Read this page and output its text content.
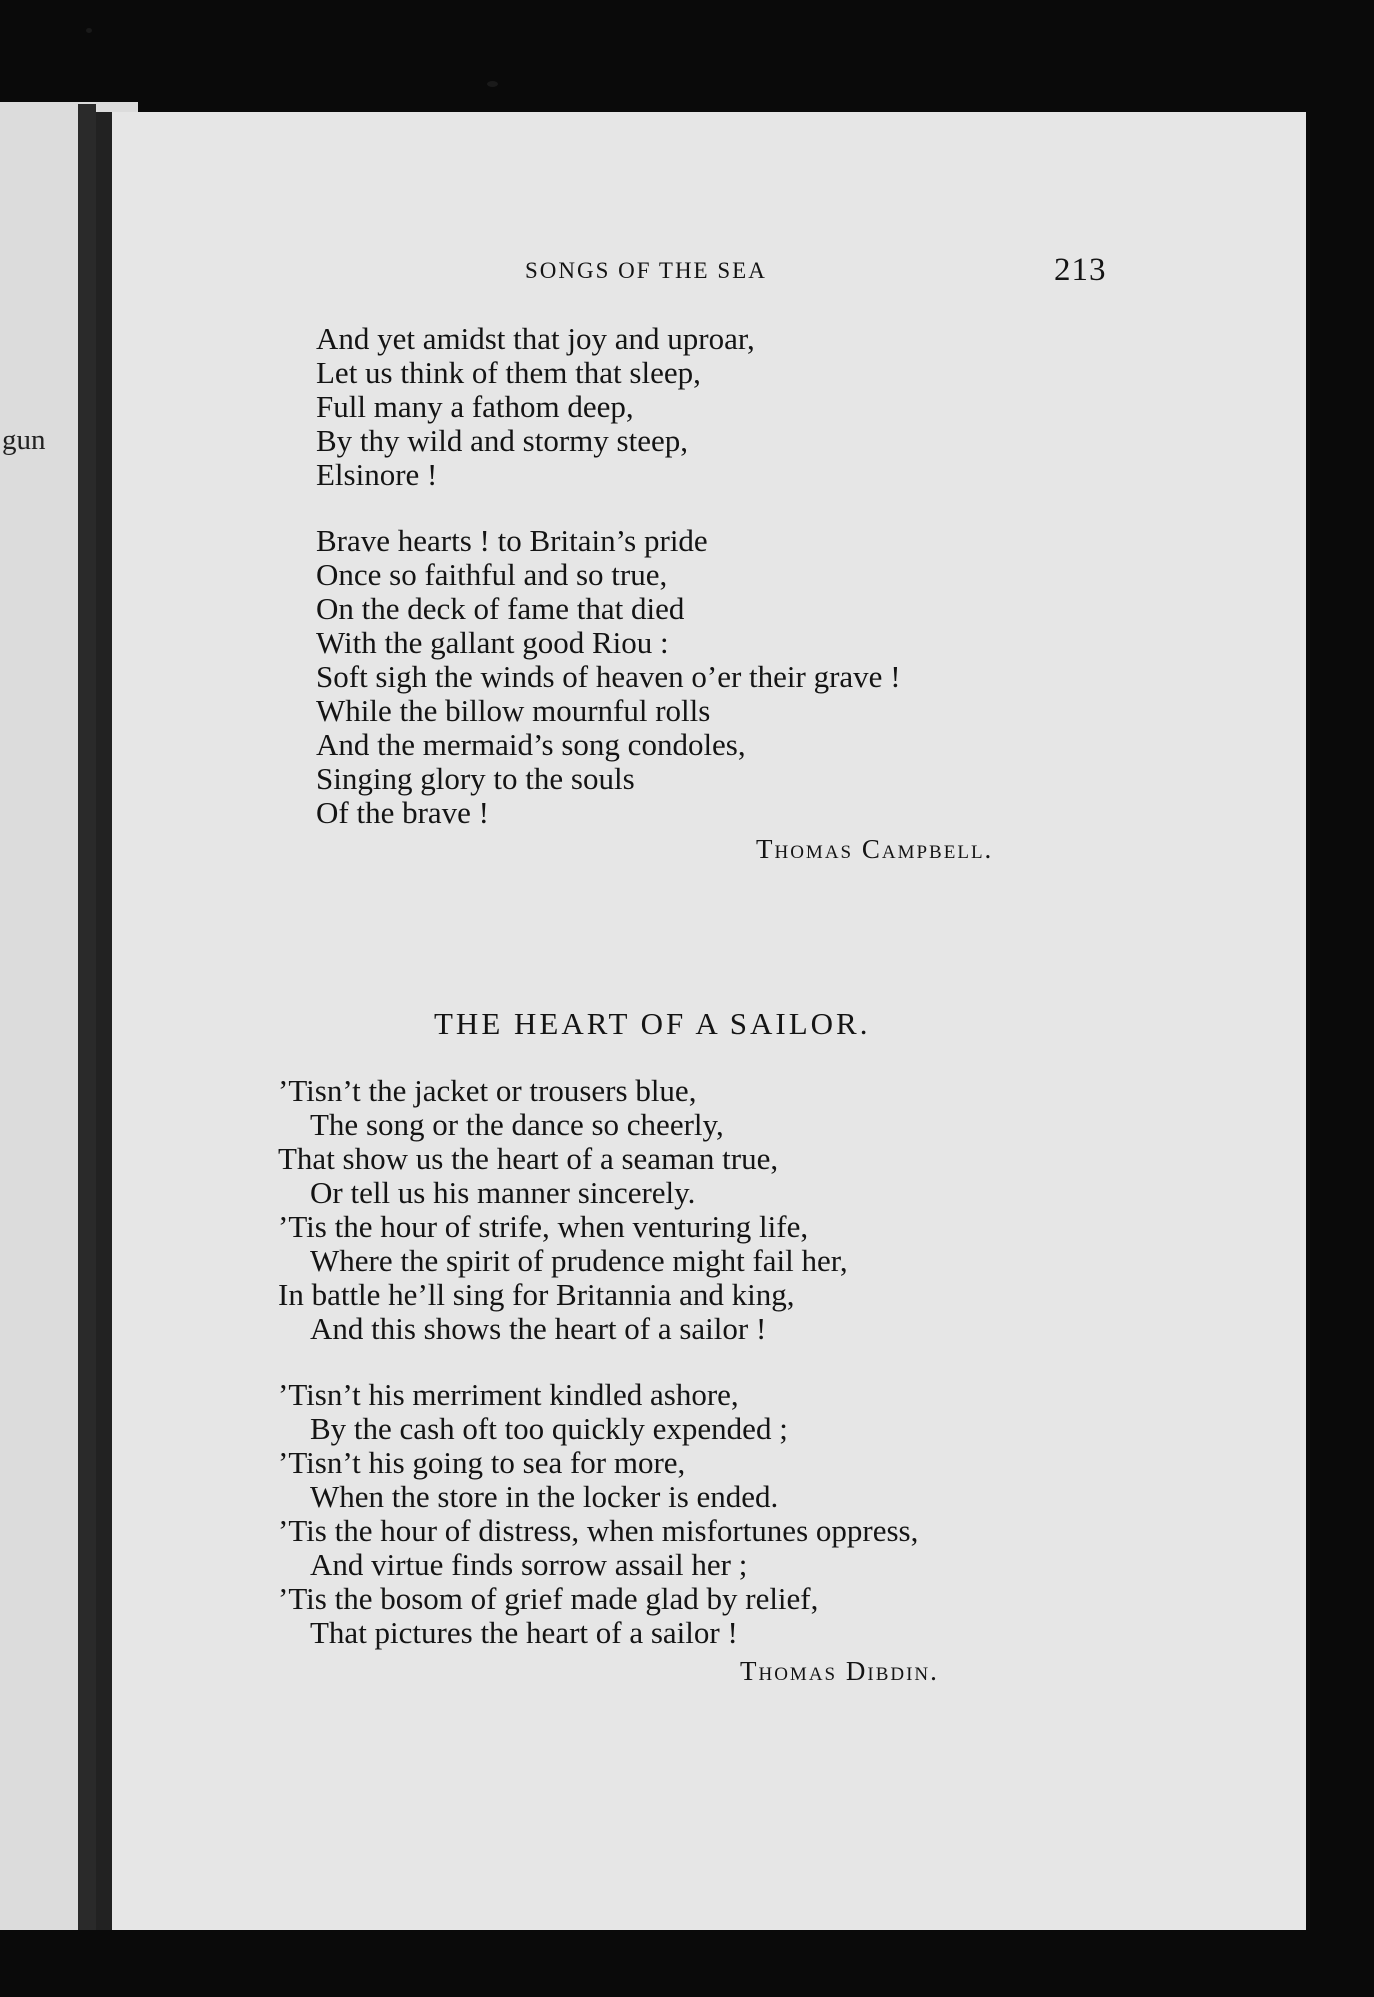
gun
SONGS OF THE SEA	213
And yet amidst that joy and uproar,
Let us think of them that sleep,
Full many a fathom deep,
By thy wild and stormy steep,
Elsinore !
Brave hearts ! to Britain’s pride
Once so faithful and so true,
On the deck of fame that died
With the gallant good Riou :
Soft sigh the winds of heaven o’er their grave !
While the billow mournful rolls
And the mermaid’s song condoles,
Singing glory to the souls
Of the brave !
Thomas Campbell.
THE HEART OF A SAILOR.
’Tisn’t the jacket or trousers blue,
The song or the dance so cheerly,
That show us the heart of a seaman true,
Or tell us his manner sincerely.
’Tis the hour of strife, when venturing life,
Where the spirit of prudence might fail her,
In battle he’ll sing for Britannia and king,
And this shows the heart of a sailor !
’Tisn’t his merriment kindled ashore,
By the cash oft too quickly expended ;
’Tisn’t his going to sea for more,
When the store in the locker is ended.
’Tis the hour of distress, when misfortunes oppress,
And virtue finds sorrow assail her ;
’Tis the bosom of grief made glad by relief,
That pictures the heart of a sailor !
Thomas Dibdin.
